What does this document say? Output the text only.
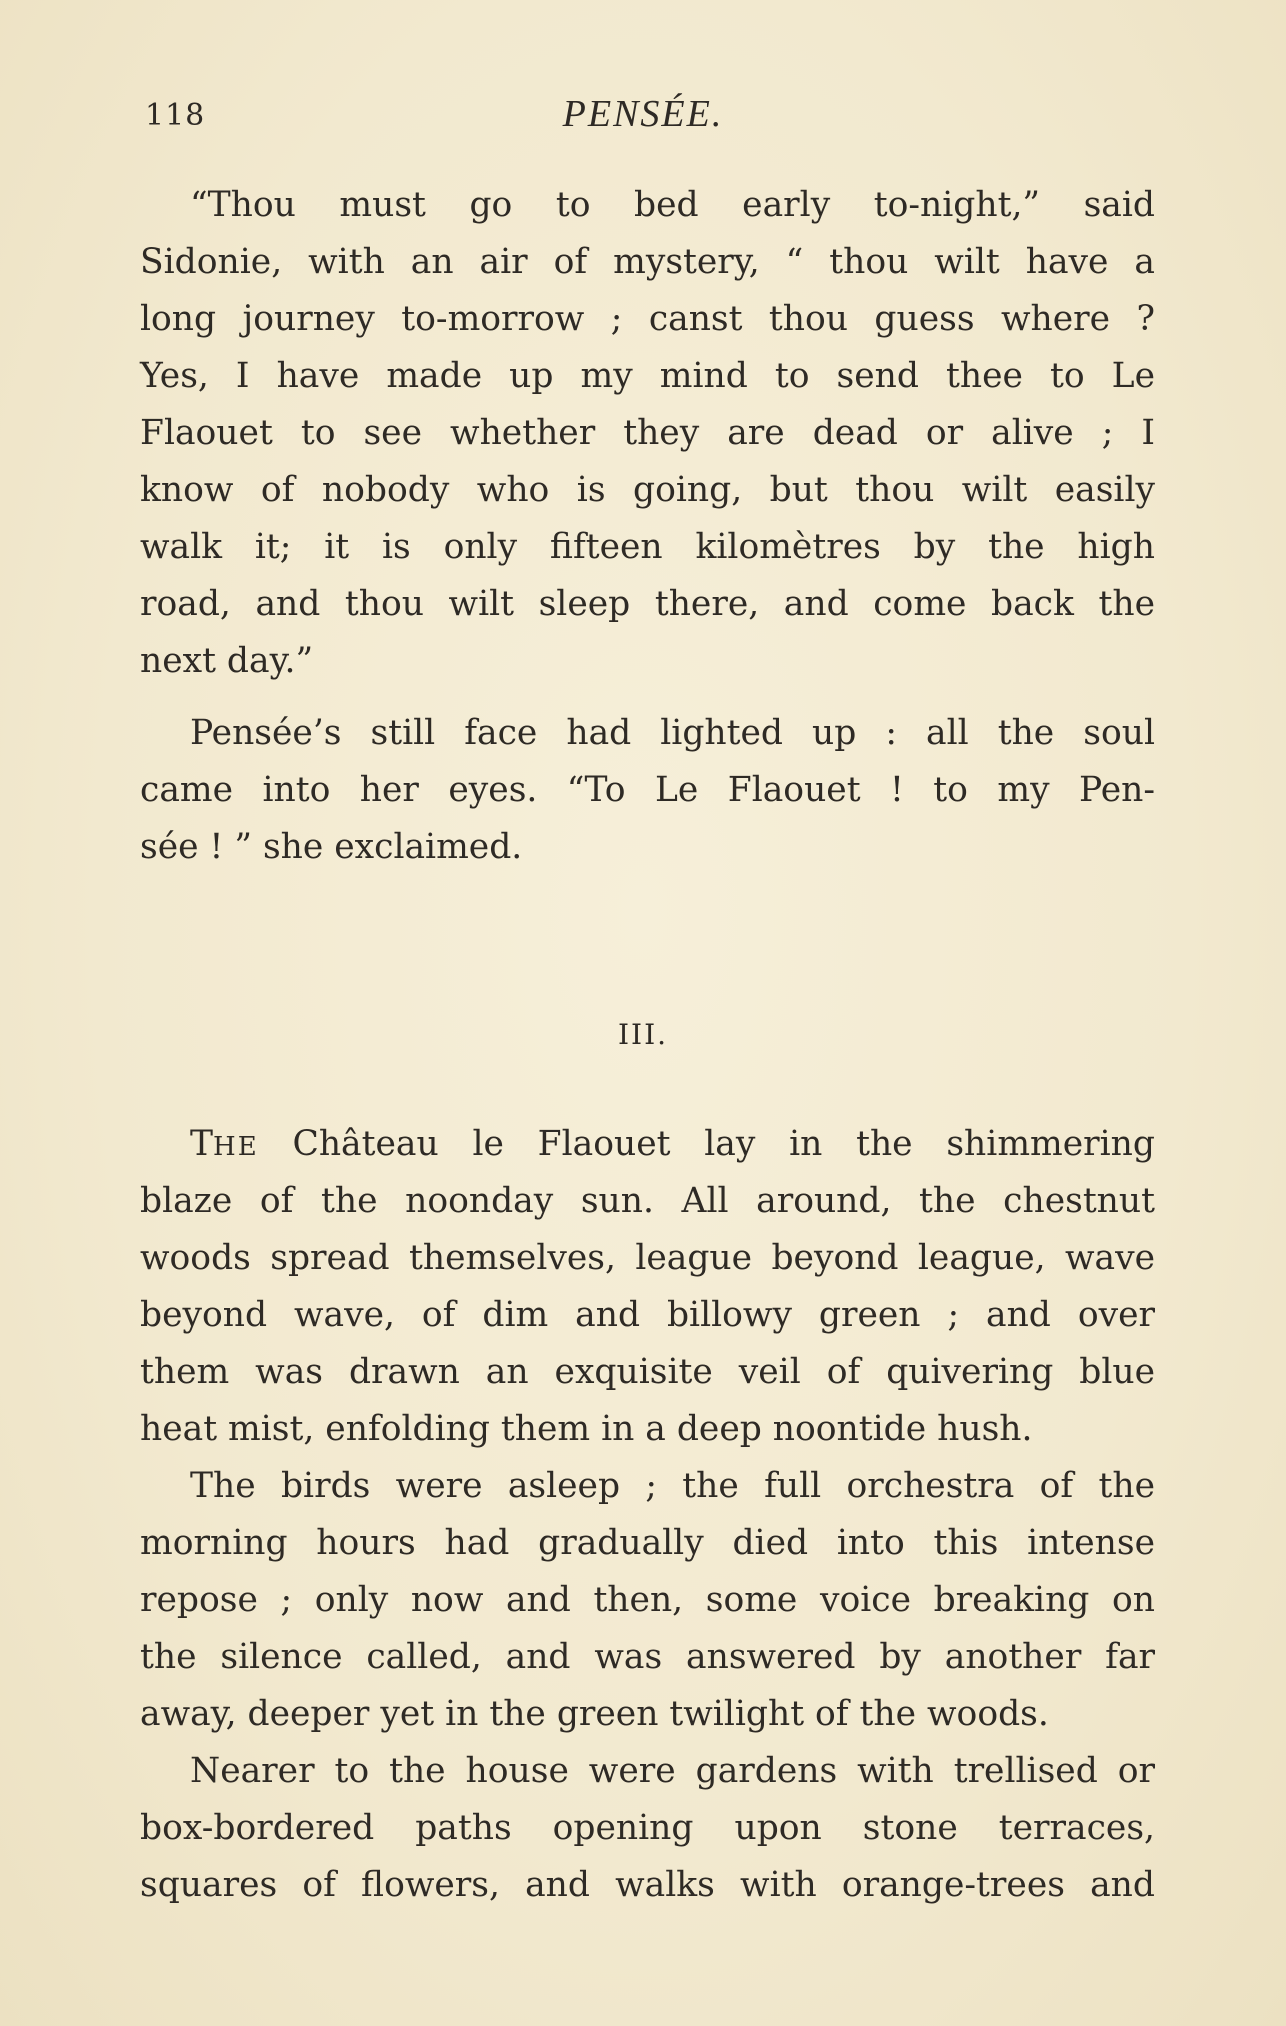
118	PENSÉE.
“Thou must go to bed early to-night,” said
Sidonie, with an air of mystery, “ thou wilt have a
long journey to-morrow ; canst thou guess where ?
Yes, I have made up my mind to send thee to Le
Flaouet to see whether they are dead or alive ; I
know of nobody who is going, but thou wilt easily
walk it; it is only fifteen kilomètres by the high
road, and thou wilt sleep there, and come back the
next day.”
Pensée’s still face had lighted up : all the soul
came into her eyes. “To Le Flaouet ! to my Pen-
sée ! ” she exclaimed.
III.
THE Château le Flaouet lay in the shimmering
blaze of the noonday sun. All around, the chestnut
woods spread themselves, league beyond league, wave
beyond wave, of dim and billowy green ; and over
them was drawn an exquisite veil of quivering blue
heat mist, enfolding them in a deep noontide hush.
The birds were asleep ; the full orchestra of the
morning hours had gradually died into this intense
repose ; only now and then, some voice breaking on
the silence called, and was answered by another far
away, deeper yet in the green twilight of the woods.
Nearer to the house were gardens with trellised or
box-bordered paths opening upon stone terraces,
squares of flowers, and walks with orange-trees and
